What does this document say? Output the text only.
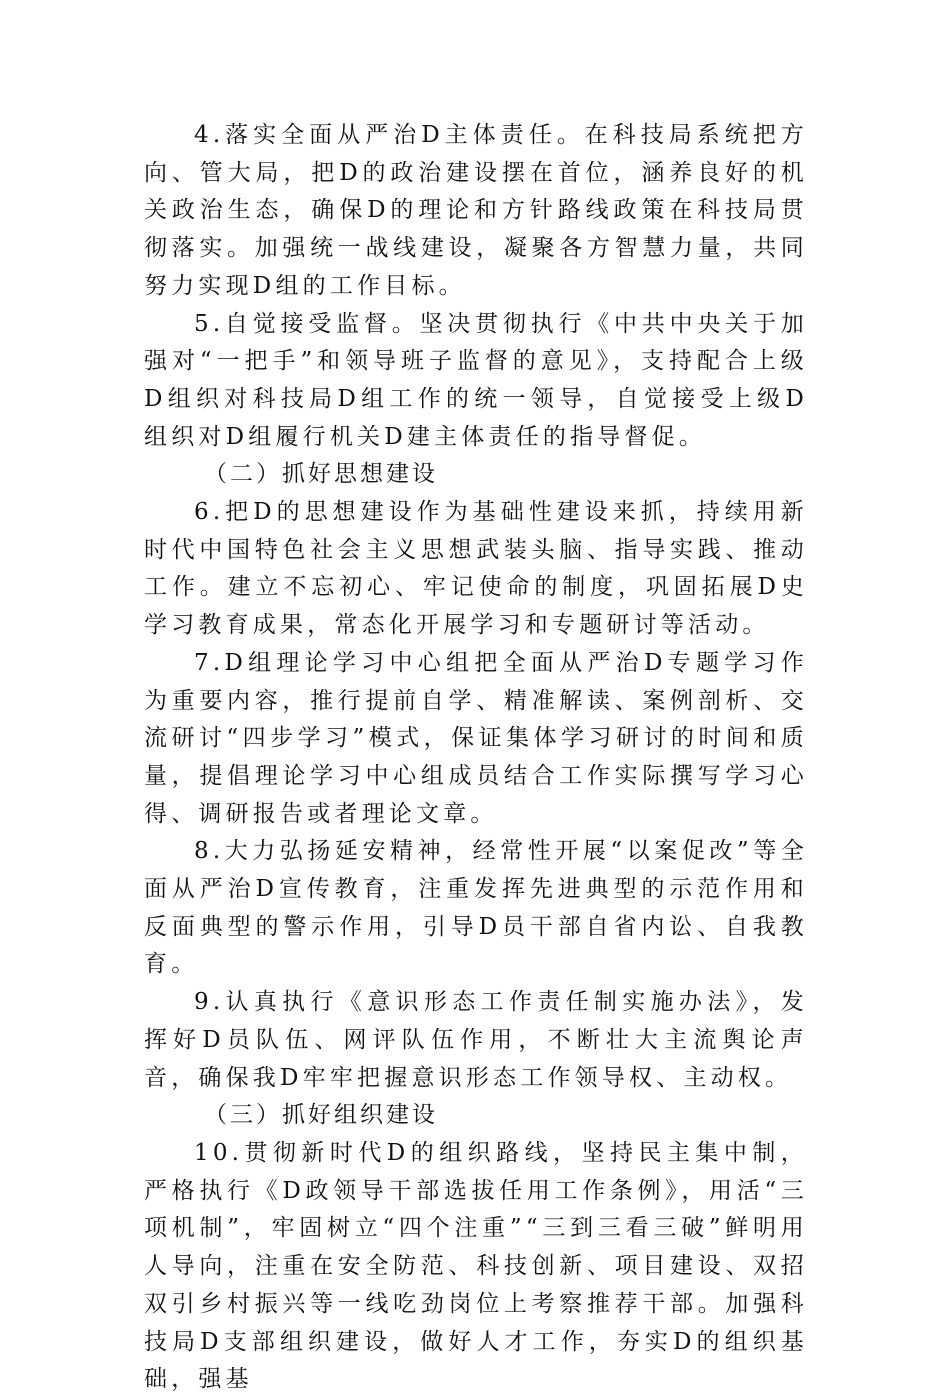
4.落实全面从严治D主体责任。在科技局系统把方向、管大局，把D的政治建设摆在首位，涵养良好的机关政治生态，确保D的理论和方针路线政策在科技局贯彻落实。加强统一战线建设，凝聚各方智慧力量，共同努力实现D组的工作目标。

5.自觉接受监督。坚决贯彻执行《中共中央关于加强对“一把手”和领导班子监督的意见》，支持配合上级D组织对科技局D组工作的统一领导，自觉接受上级D组织对D组履行机关D建主体责任的指导督促。

（二）抓好思想建设

6.把D的思想建设作为基础性建设来抓，持续用新时代中国特色社会主义思想武装头脑、指导实践、推动工作。建立不忘初心、牢记使命的制度，巩固拓展D史学习教育成果，常态化开展学习和专题研讨等活动。

7.D组理论学习中心组把全面从严治D专题学习作为重要内容，推行提前自学、精准解读、案例剖析、交流研讨“四步学习”模式，保证集体学习研讨的时间和质量，提倡理论学习中心组成员结合工作实际撰写学习心得、调研报告或者理论文章。

8.大力弘扬延安精神，经常性开展“以案促改”等全面从严治D宣传教育，注重发挥先进典型的示范作用和反面典型的警示作用，引导D员干部自省内讼、自我教育。

9.认真执行《意识形态工作责任制实施办法》，发挥好D员队伍、网评队伍作用，不断壮大主流舆论声音，确保我D牢牢把握意识形态工作领导权、主动权。

（三）抓好组织建设

10.贯彻新时代D的组织路线，坚持民主集中制，严格执行《D政领导干部选拔任用工作条例》，用活“三项机制”，牢固树立“四个注重”“三到三看三破”鲜明用人导向，注重在安全防范、科技创新、项目建设、双招双引乡村振兴等一线吃劲岗位上考察推荐干部。加强科技局D支部组织建设，做好人才工作，夯实D的组织基础，强基
